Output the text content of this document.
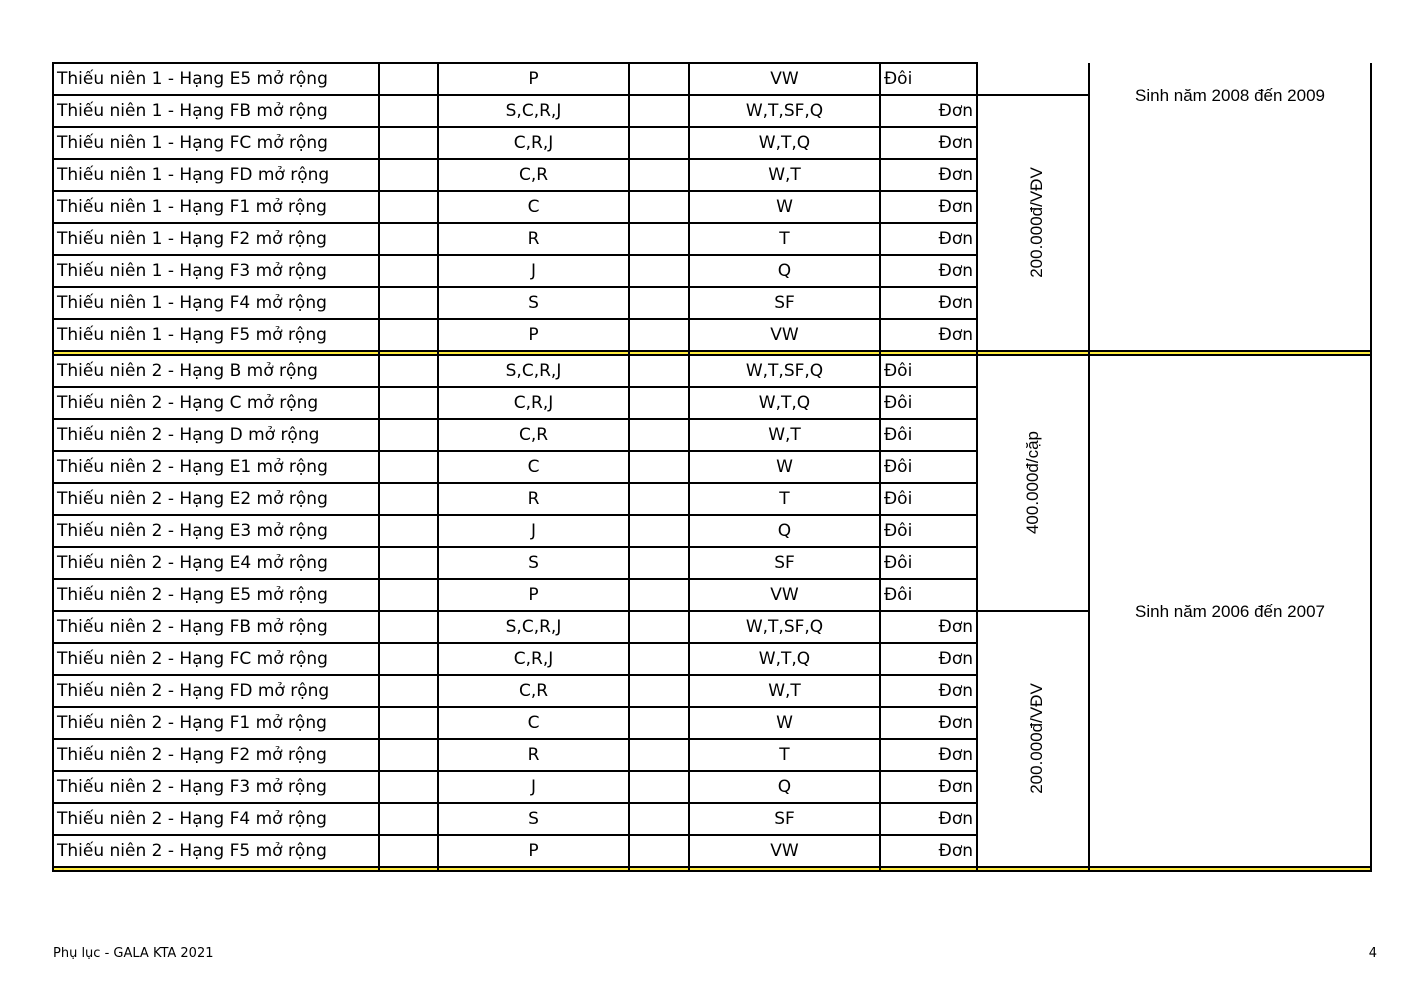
Thiếu niên 1 - Hạng E5 mở rộng		P		VW	Đôi		Sinh năm 2008 đến 2009
Thiếu niên 1 - Hạng FB mở rộng		S,C,R,J		W,T,SF,Q	Đơn	200.000đ/VĐV	
Thiếu niên 1 - Hạng FC mở rộng		C,R,J		W,T,Q	Đơn		
Thiếu niên 1 - Hạng FD mở rộng		C,R		W,T	Đơn		
Thiếu niên 1 - Hạng F1 mở rộng		C		W	Đơn		
Thiếu niên 1 - Hạng F2 mở rộng		R		T	Đơn		
Thiếu niên 1 - Hạng F3 mở rộng		J		Q	Đơn		
Thiếu niên 1 - Hạng F4 mở rộng		S		SF	Đơn		
Thiếu niên 1 - Hạng F5 mở rộng		P		VW	Đơn		

Thiếu niên 2 - Hạng B mở rộng		S,C,R,J		W,T,SF,Q	Đôi	400.000đ/cặp	Sinh năm 2006 đến 2007
Thiếu niên 2 - Hạng C mở rộng		C,R,J		W,T,Q	Đôi		
Thiếu niên 2 - Hạng D mở rộng		C,R		W,T	Đôi		
Thiếu niên 2 - Hạng E1 mở rộng		C		W	Đôi		
Thiếu niên 2 - Hạng E2 mở rộng		R		T	Đôi		
Thiếu niên 2 - Hạng E3 mở rộng		J		Q	Đôi		
Thiếu niên 2 - Hạng E4 mở rộng		S		SF	Đôi		
Thiếu niên 2 - Hạng E5 mở rộng		P		VW	Đôi		
Thiếu niên 2 - Hạng FB mở rộng		S,C,R,J		W,T,SF,Q	Đơn	200.000đ/VĐV	
Thiếu niên 2 - Hạng FC mở rộng		C,R,J		W,T,Q	Đơn		
Thiếu niên 2 - Hạng FD mở rộng		C,R		W,T	Đơn		
Thiếu niên 2 - Hạng F1 mở rộng		C		W	Đơn		
Thiếu niên 2 - Hạng F2 mở rộng		R		T	Đơn		
Thiếu niên 2 - Hạng F3 mở rộng		J		Q	Đơn		
Thiếu niên 2 - Hạng F4 mở rộng		S		SF	Đơn		
Thiếu niên 2 - Hạng F5 mở rộng		P		VW	Đơn		

Phụ lục - GALA KTA 2021	4
